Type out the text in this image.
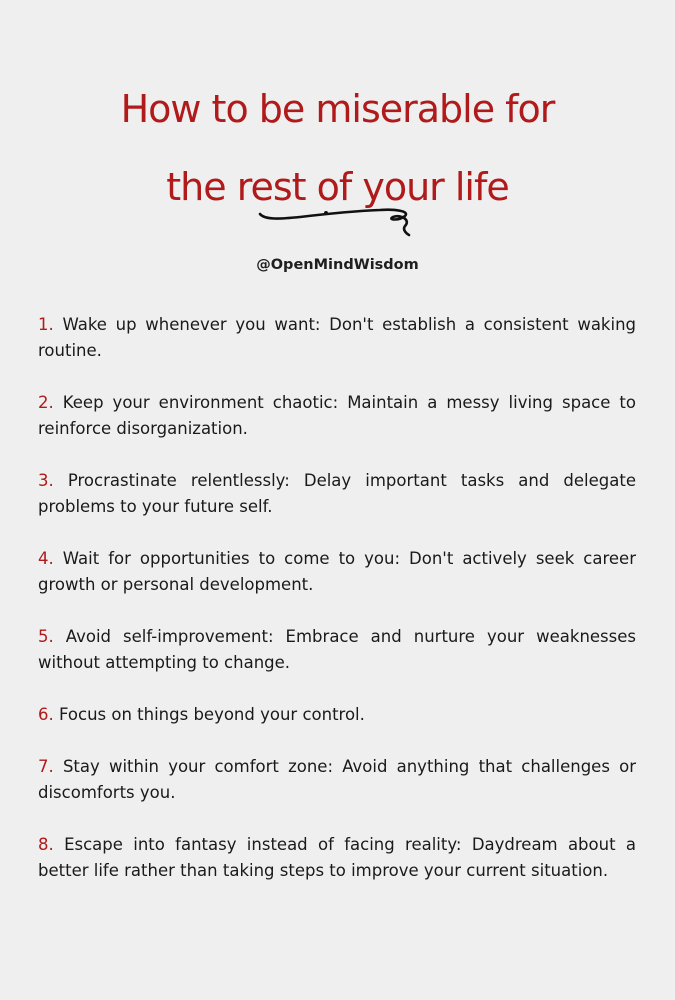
How to be miserable for
the rest of your life
@OpenMindWisdom

1. Wake up whenever you want: Don't establish a consistent waking routine.

2. Keep your environment chaotic: Maintain a messy living space to reinforce disorganization.

3. Procrastinate relentlessly: Delay important tasks and delegate problems to your future self.

4. Wait for opportunities to come to you: Don't actively seek career growth or personal development.

5. Avoid self-improvement: Embrace and nurture your weaknesses without attempting to change.

6. Focus on things beyond your control.

7. Stay within your comfort zone: Avoid anything that challenges or discomforts you.

8. Escape into fantasy instead of facing reality: Daydream about a better life rather than taking steps to improve your current situation.
